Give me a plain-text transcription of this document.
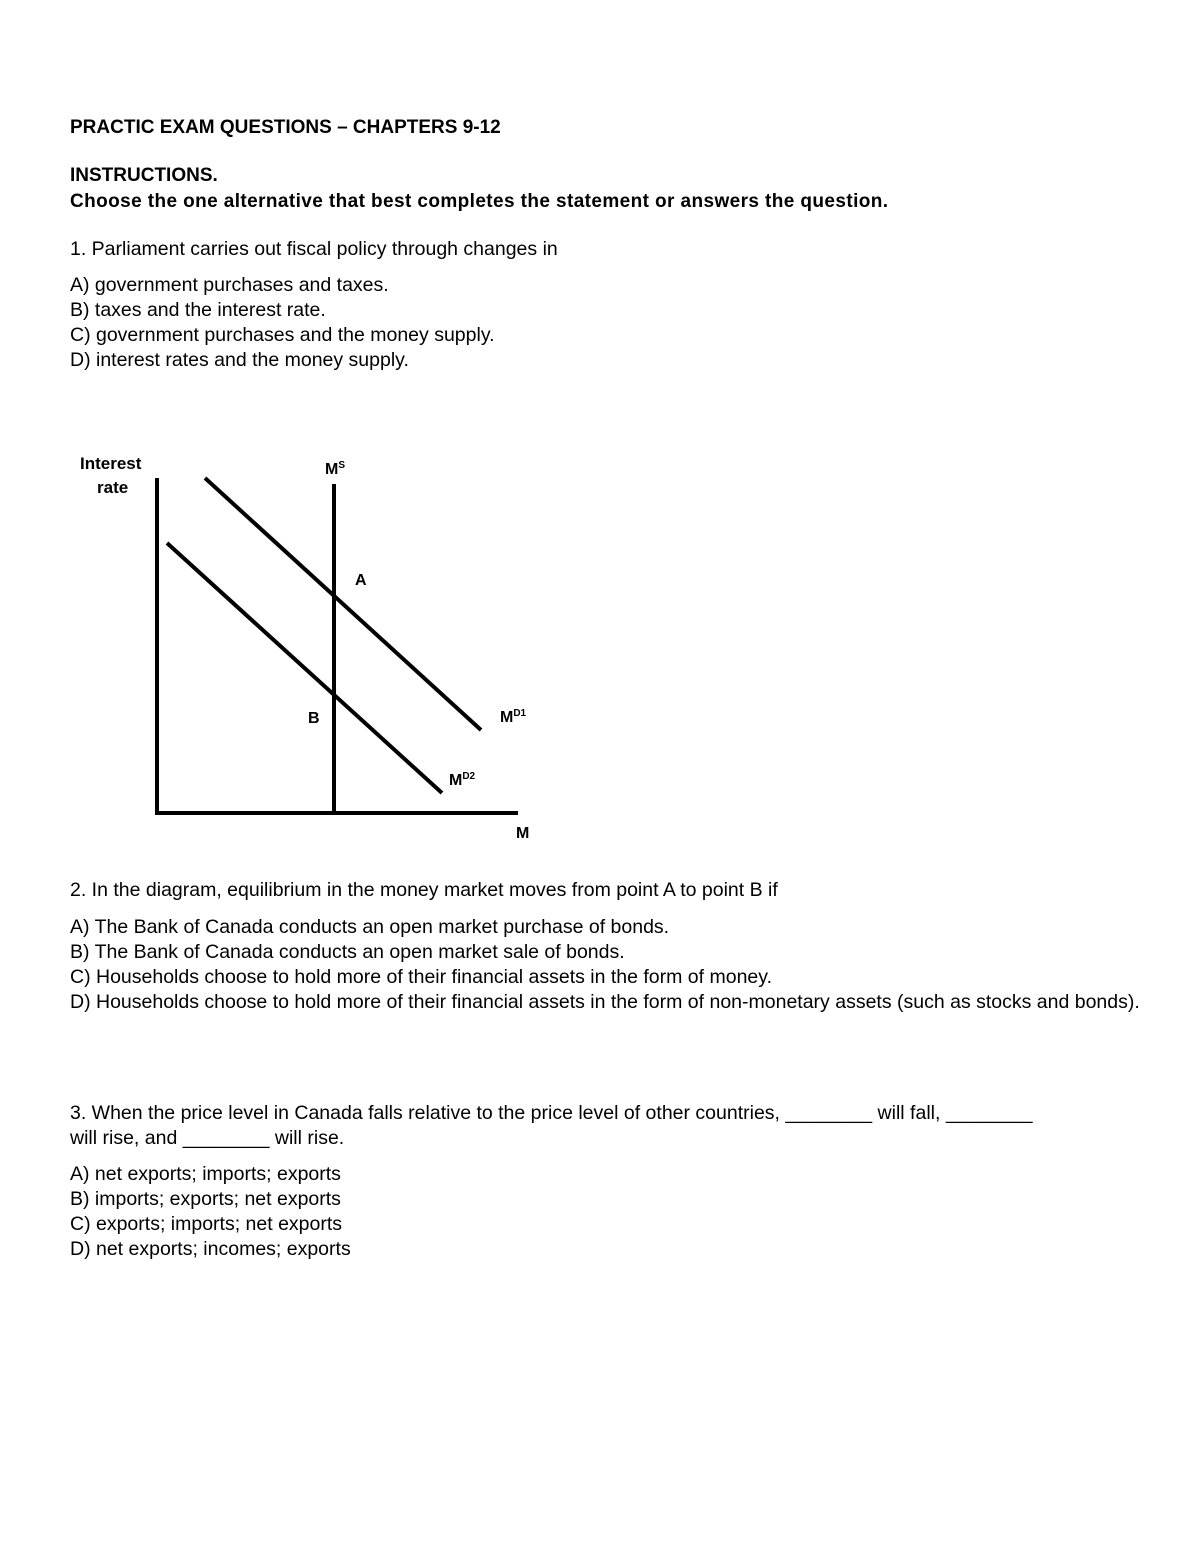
PRACTIC EXAM QUESTIONS – CHAPTERS 9-12
INSTRUCTIONS.
Choose the one alternative that best completes the statement or answers the question.
1. Parliament carries out fiscal policy through changes in
A) government purchases and taxes.
B) taxes and the interest rate.
C) government purchases and the money supply.
D) interest rates and the money supply.
Interest
rate
$M^S$
A
B	$M^{D1}$
$M^{D2}$
M
2. In the diagram, equilibrium in the money market moves from point A to point B if
A) The Bank of Canada conducts an open market purchase of bonds.
B) The Bank of Canada conducts an open market sale of bonds.
C) Households choose to hold more of their financial assets in the form of money.
D) Households choose to hold more of their financial assets in the form of non-monetary assets (such as stocks and bonds).
3. When the price level in Canada falls relative to the price level of other countries, ________ will fall, ________ will rise, and ________ will rise.
A) net exports; imports; exports
B) imports; exports; net exports
C) exports; imports; net exports
D) net exports; incomes; exports
